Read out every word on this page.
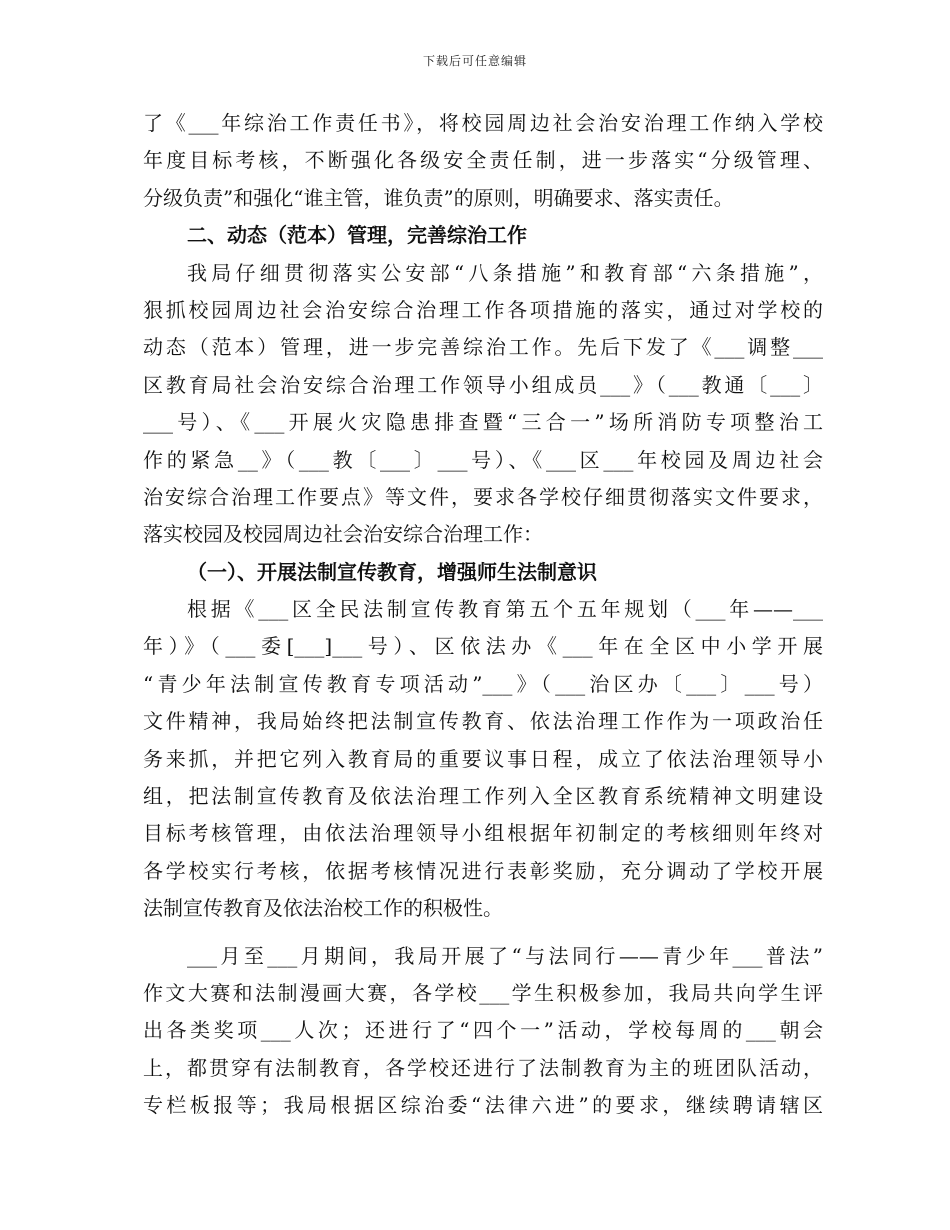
下载后可任意编辑
了《___年综治工作责任书》，将校园周边社会治安治理工作纳入学校
年度目标考核，不断强化各级安全责任制，进一步落实“分级管理、
分级负责”和强化“谁主管，谁负责”的原则，明确要求、落实责任。
二、动态（范本）管理，完善综治工作
我局仔细贯彻落实公安部“八条措施”和教育部“六条措施”，
狠抓校园周边社会治安综合治理工作各项措施的落实，通过对学校的
动态（范本）管理，进一步完善综治工作。先后下发了《___调整___
区教育局社会治安综合治理工作领导小组成员___》（___教通〔___〕
___号）、《___开展火灾隐患排查暨“三合一”场所消防专项整治工
作的紧急__》（___教〔___〕___号）、《___区___年校园及周边社会
治安综合治理工作要点》等文件，要求各学校仔细贯彻落实文件要求，
落实校园及校园周边社会治安综合治理工作：
（一）、开展法制宣传教育，增强师生法制意识
根据《___区全民法制宣传教育第五个五年规划（___年——___
年）》（___委[___]___号）、区依法办《___年在全区中小学开展
“青少年法制宣传教育专项活动”___》（___治区办〔___〕___号）
文件精神，我局始终把法制宣传教育、依法治理工作作为一项政治任
务来抓，并把它列入教育局的重要议事日程，成立了依法治理领导小
组，把法制宣传教育及依法治理工作列入全区教育系统精神文明建设
目标考核管理，由依法治理领导小组根据年初制定的考核细则年终对
各学校实行考核，依据考核情况进行表彰奖励，充分调动了学校开展
法制宣传教育及依法治校工作的积极性。
___月至___月期间，我局开展了“与法同行——青少年___普法”
作文大赛和法制漫画大赛，各学校___学生积极参加，我局共向学生评
出各类奖项___人次；还进行了“四个一”活动，学校每周的___朝会
上，都贯穿有法制教育，各学校还进行了法制教育为主的班团队活动，
专栏板报等；我局根据区综治委“法律六进”的要求，继续聘请辖区
